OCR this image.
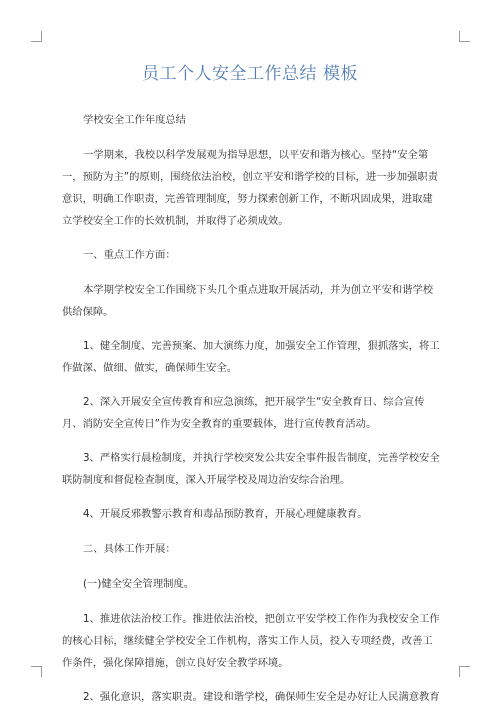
员工个人安全工作总结 模板

学校安全工作年度总结

一学期来，我校以科学发展观为指导思想，以平安和谐为核心。坚持“安全第一，预防为主”的原则，围绕依法治校，创立平安和谐学校的目标，进一步加强职责意识，明确工作职责，完善管理制度，努力探索创新工作，不断巩固成果，进取建立学校安全工作的长效机制，并取得了必须成效。

一、重点工作方面：

本学期学校安全工作围绕下头几个重点进取开展活动，并为创立平安和谐学校供给保障。

1、健全制度、完善预案、加大演练力度，加强安全工作管理，狠抓落实，将工作做深、做细、做实，确保师生安全。

2、深入开展安全宣传教育和应急演练，把开展学生“安全教育日、综合宣传月、消防安全宣传日”作为安全教育的重要载体，进行宣传教育活动。

3、严格实行晨检制度，并执行学校突发公共安全事件报告制度，完善学校安全联防制度和督促检查制度，深入开展学校及周边治安综合治理。

4、开展反邪教警示教育和毒品预防教育，开展心理健康教育。

二、具体工作开展：

(一)健全安全管理制度。

1、推进依法治校工作。推进依法治校，把创立平安学校工作作为我校安全工作的核心目标，继续健全学校安全工作机构，落实工作人员，投入专项经费，改善工作条件，强化保障措施，创立良好安全教学环境。

2、强化意识，落实职责。建设和谐学校，确保师生安全是办好让人民满意教育
